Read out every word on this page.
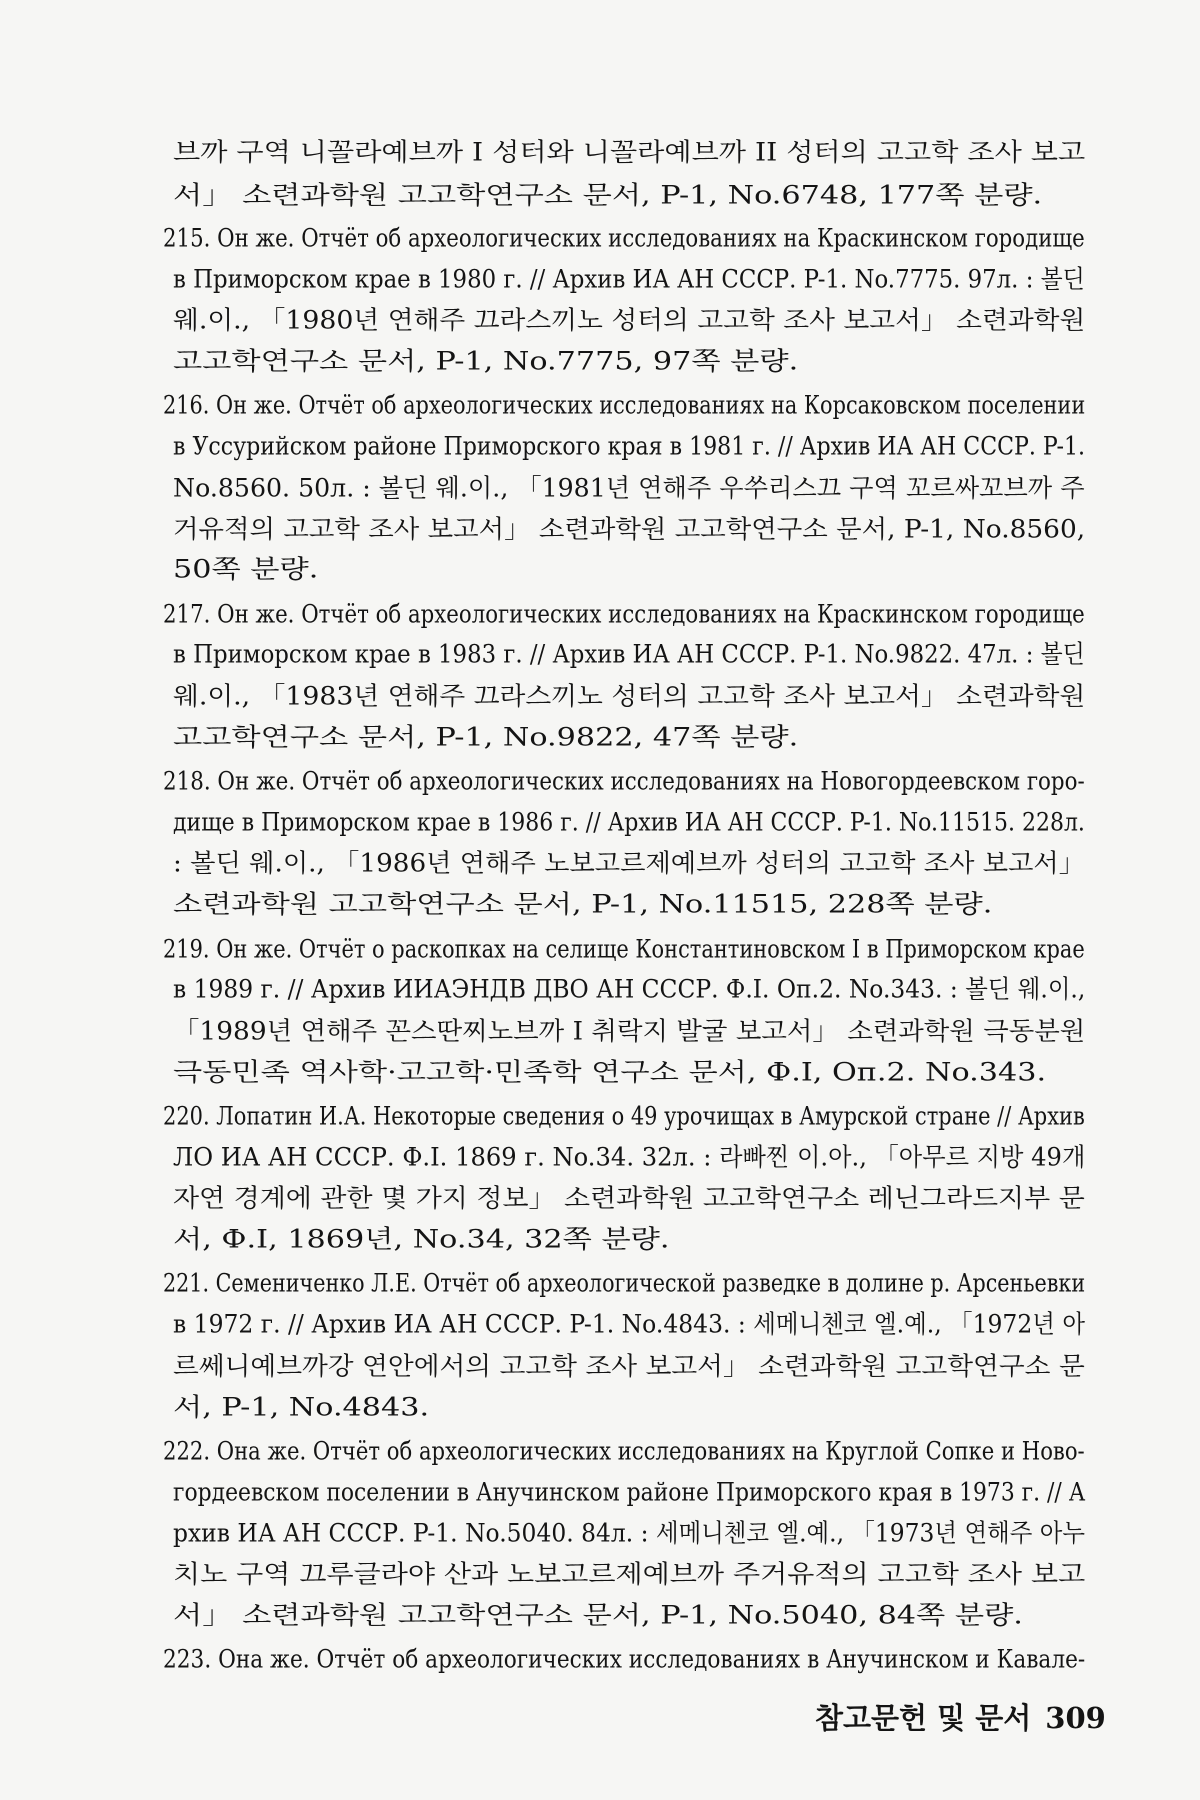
브까 구역 니꼴라예브까 I 성터와 니꼴라예브까 II 성터의 고고학 조사 보고

서」 소련과학원 고고학연구소 문서, P-1, No.6748, 177쪽 분량.

215. Он же. Отчёт об археологических исследованиях на Краскинском городище

в Приморском крае в 1980 г. // Архив ИА АН СССР. P-1. No.7775. 97л. : 볼딘

웨.이., 「1980년 연해주 끄라스끼노 성터의 고고학 조사 보고서」 소련과학원

고고학연구소 문서, P-1, No.7775, 97쪽 분량.

216. Он же. Отчёт об археологических исследованиях на Корсаковском поселении

в Уссурийском районе Приморского края в 1981 г. // Архив ИА АН СССР. P-1.

No.8560. 50л. : 볼딘 웨.이., 「1981년 연해주 우쑤리스끄 구역 꼬르싸꼬브까 주

거유적의 고고학 조사 보고서」 소련과학원 고고학연구소 문서, P-1, No.8560,

50쪽 분량.

217. Он же. Отчёт об археологических исследованиях на Краскинском городище

в Приморском крае в 1983 г. // Архив ИА АН СССР. P-1. No.9822. 47л. : 볼딘

웨.이., 「1983년 연해주 끄라스끼노 성터의 고고학 조사 보고서」 소련과학원

고고학연구소 문서, P-1, No.9822, 47쪽 분량.

218. Он же. Отчёт об археологических исследованиях на Новогордеевском горо-

дище в Приморском крае в 1986 г. // Архив ИА АН СССР. P-1. No.11515. 228л.

: 볼딘 웨.이., 「1986년 연해주 노보고르제예브까 성터의 고고학 조사 보고서」

소련과학원 고고학연구소 문서, P-1, No.11515, 228쪽 분량.

219. Он же. Отчёт о раскопках на селище Константиновском I в Приморском крае

в 1989 г. // Архив ИИАЭНДВ ДВО АН СССР. Ф.I. Оп.2. No.343. : 볼딘 웨.이.,

「1989년 연해주 꼰스딴찌노브까 I 취락지 발굴 보고서」 소련과학원 극동분원

극동민족 역사학·고고학·민족학 연구소 문서, Ф.I, Оп.2. No.343.

220. Лопатин И.А. Некоторые сведения о 49 урочищах в Амурской стране // Архив

ЛО ИА АН СССР. Ф.I. 1869 г. No.34. 32л. : 라빠찐 이.아., 「아무르 지방 49개

자연 경계에 관한 몇 가지 정보」 소련과학원 고고학연구소 레닌그라드지부 문

서, Ф.I, 1869년, No.34, 32쪽 분량.

221. Семениченко Л.Е. Отчёт об археологической разведке в долине р. Арсеньевки

в 1972 г. // Архив ИА АН СССР. P-1. No.4843. : 세메니첸코 엘.예., 「1972년 아

르쎄니예브까강 연안에서의 고고학 조사 보고서」 소련과학원 고고학연구소 문

서, P-1, No.4843.

222. Она же. Отчёт об археологических исследованиях на Круглой Сопке и Ново-

гордеевском поселении в Анучинском районе Приморского края в 1973 г. // А

рхив ИА АН СССР. P-1. No.5040. 84л. : 세메니첸코 엘.예., 「1973년 연해주 아누

치노 구역 끄루글라야 산과 노보고르제예브까 주거유적의 고고학 조사 보고

서」 소련과학원 고고학연구소 문서, P-1, No.5040, 84쪽 분량.

223. Она же. Отчёт об археологических исследованиях в Анучинском и Кавале-

참고문헌 및 문서 309
